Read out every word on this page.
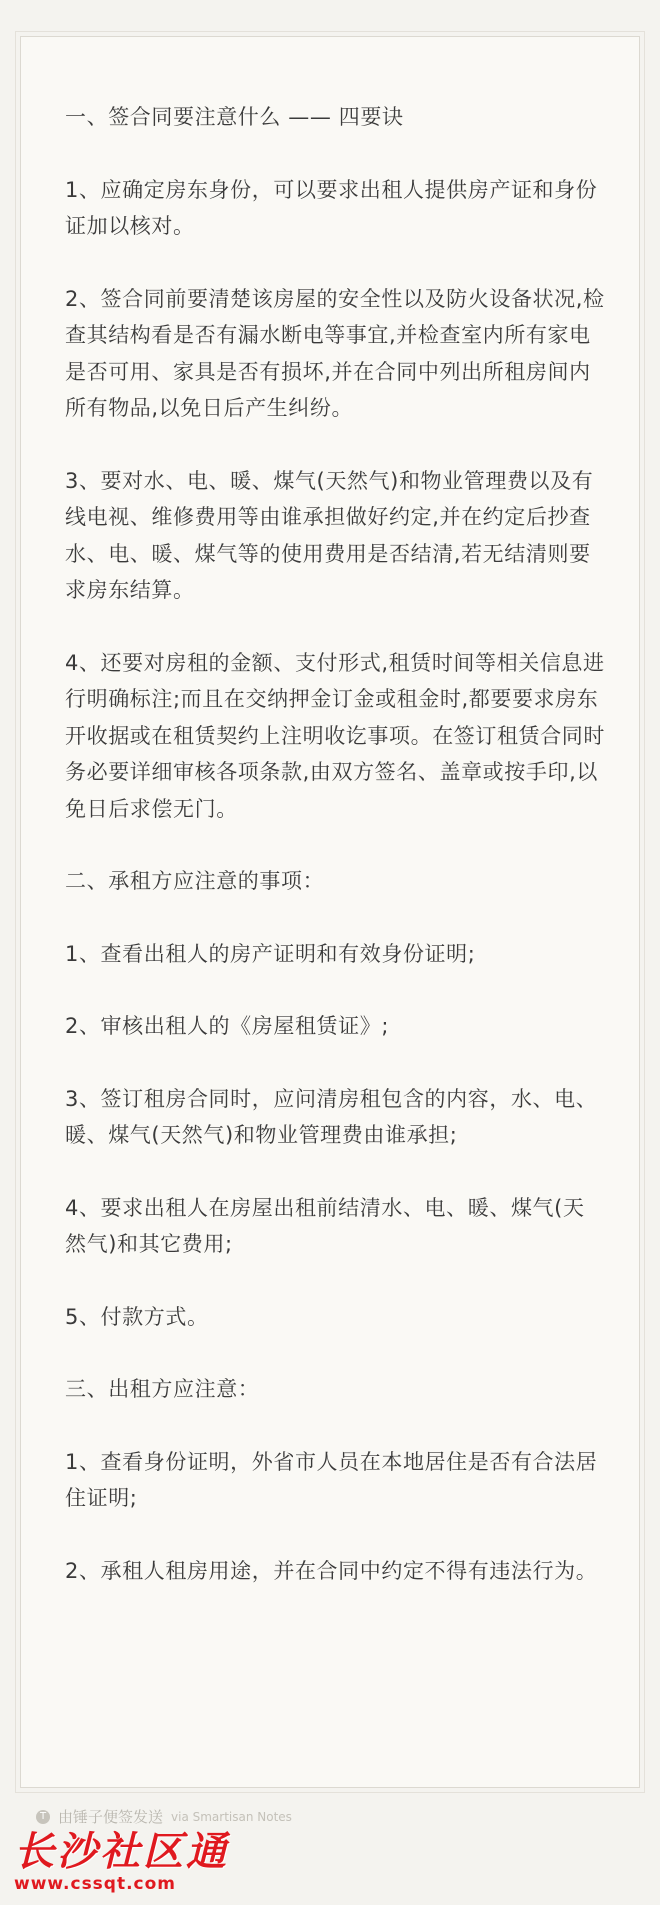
一、签合同要注意什么 —— 四要诀

1、应确定房东身份，可以要求出租人提供房产证和身份证加以核对。

2、签合同前要清楚该房屋的安全性以及防火设备状况,检查其结构看是否有漏水断电等事宜,并检查室内所有家电是否可用、家具是否有损坏,并在合同中列出所租房间内所有物品,以免日后产生纠纷。

3、要对水、电、暖、煤气(天然气)和物业管理费以及有线电视、维修费用等由谁承担做好约定,并在约定后抄查水、电、暖、煤气等的使用费用是否结清,若无结清则要求房东结算。

4、还要对房租的金额、支付形式,租赁时间等相关信息进行明确标注;而且在交纳押金订金或租金时,都要要求房东开收据或在租赁契约上注明收讫事项。在签订租赁合同时务必要详细审核各项条款,由双方签名、盖章或按手印,以免日后求偿无门。

二、承租方应注意的事项：

1、查看出租人的房产证明和有效身份证明;

2、审核出租人的《房屋租赁证》;

3、签订租房合同时，应问清房租包含的内容，水、电、暖、煤气(天然气)和物业管理费由谁承担;

4、要求出租人在房屋出租前结清水、电、暖、煤气(天然气)和其它费用;

5、付款方式。

三、出租方应注意：

1、查看身份证明，外省市人员在本地居住是否有合法居住证明;

2、承租人租房用途，并在合同中约定不得有违法行为。

T 由锤子便签发送 via Smartisan Notes
长沙社区通
www.cssqt.com
